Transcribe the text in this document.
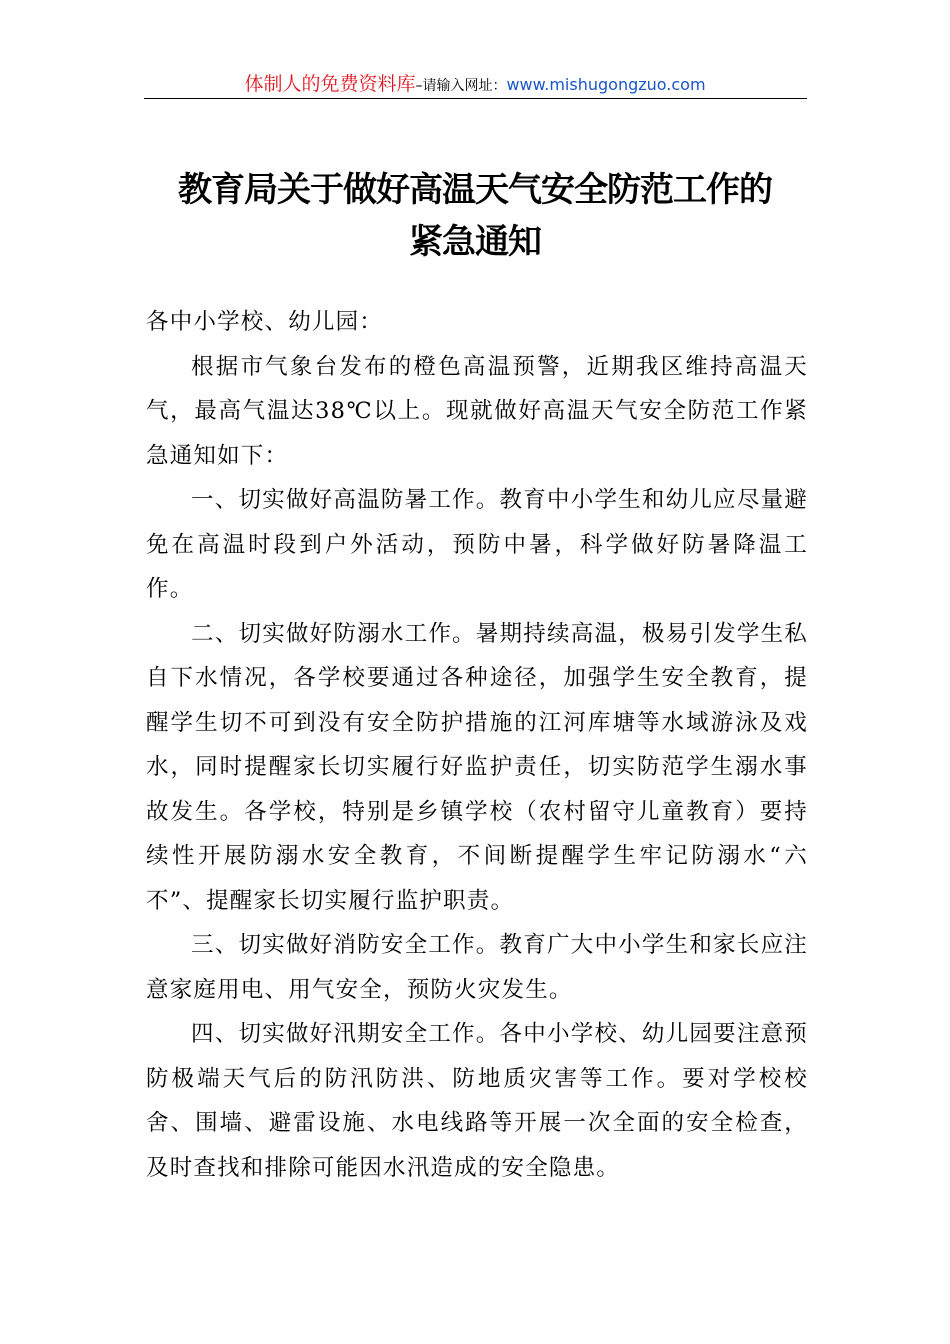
体制人的免费资料库–请输入网址：www.mishugongzuo.com
教育局关于做好高温天气安全防范工作的
紧急通知

各中小学校、幼儿园：

根据市气象台发布的橙色高温预警，近期我区维持高温天气，最高气温达38℃以上。现就做好高温天气安全防范工作紧急通知如下：

一、切实做好高温防暑工作。教育中小学生和幼儿应尽量避免在高温时段到户外活动，预防中暑，科学做好防暑降温工作。

二、切实做好防溺水工作。暑期持续高温，极易引发学生私自下水情况，各学校要通过各种途径，加强学生安全教育，提醒学生切不可到没有安全防护措施的江河库塘等水域游泳及戏水，同时提醒家长切实履行好监护责任，切实防范学生溺水事故发生。各学校，特别是乡镇学校（农村留守儿童教育）要持续性开展防溺水安全教育，不间断提醒学生牢记防溺水“六不”、提醒家长切实履行监护职责。

三、切实做好消防安全工作。教育广大中小学生和家长应注意家庭用电、用气安全，预防火灾发生。

四、切实做好汛期安全工作。各中小学校、幼儿园要注意预防极端天气后的防汛防洪、防地质灾害等工作。要对学校校舍、围墙、避雷设施、水电线路等开展一次全面的安全检查，及时查找和排除可能因水汛造成的安全隐患。
